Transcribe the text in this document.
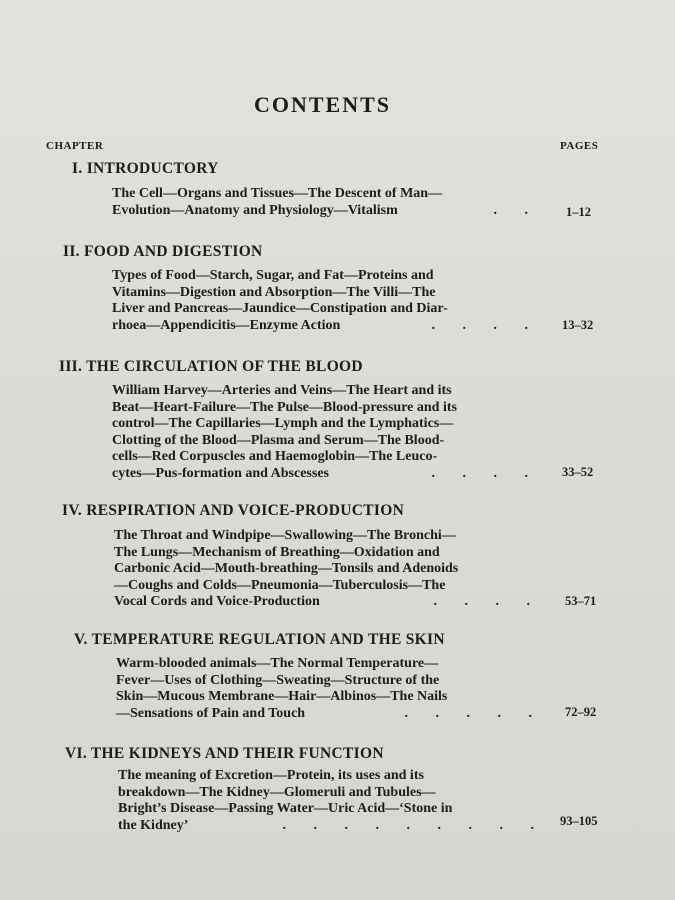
CONTENTS
CHAPTER	PAGES
I. INTRODUCTORY
The Cell—Organs and Tissues—The Descent of Man—
Evolution—Anatomy and Physiology—Vitalism	. . 1–12
II. FOOD AND DIGESTION
Types of Food—Starch, Sugar, and Fat—Proteins and
Vitamins—Digestion and Absorption—The Villi—The
Liver and Pancreas—Jaundice—Constipation and Diar-
rhoea—Appendicitis—Enzyme Action	. . . . 13–32
III. THE CIRCULATION OF THE BLOOD
William Harvey—Arteries and Veins—The Heart and its
Beat—Heart-Failure—The Pulse—Blood-pressure and its
control—The Capillaries—Lymph and the Lymphatics—
Clotting of the Blood—Plasma and Serum—The Blood-
cells—Red Corpuscles and Haemoglobin—The Leuco-
cytes—Pus-formation and Abscesses	. . . . 33–52
IV. RESPIRATION AND VOICE-PRODUCTION
The Throat and Windpipe—Swallowing—The Bronchi—
The Lungs—Mechanism of Breathing—Oxidation and
Carbonic Acid—Mouth-breathing—Tonsils and Adenoids
—Coughs and Colds—Pneumonia—Tuberculosis—The
Vocal Cords and Voice-Production	. . . . 53–71
V. TEMPERATURE REGULATION AND THE SKIN
Warm-blooded animals—The Normal Temperature—
Fever—Uses of Clothing—Sweating—Structure of the
Skin—Mucous Membrane—Hair—Albinos—The Nails
—Sensations of Pain and Touch	. . . . . 72–92
VI. THE KIDNEYS AND THEIR FUNCTION
The meaning of Excretion—Protein, its uses and its
breakdown—The Kidney—Glomeruli and Tubules—
Bright’s Disease—Passing Water—Uric Acid—‘Stone in
the Kidney’	. . . . . . . . . 93–105
